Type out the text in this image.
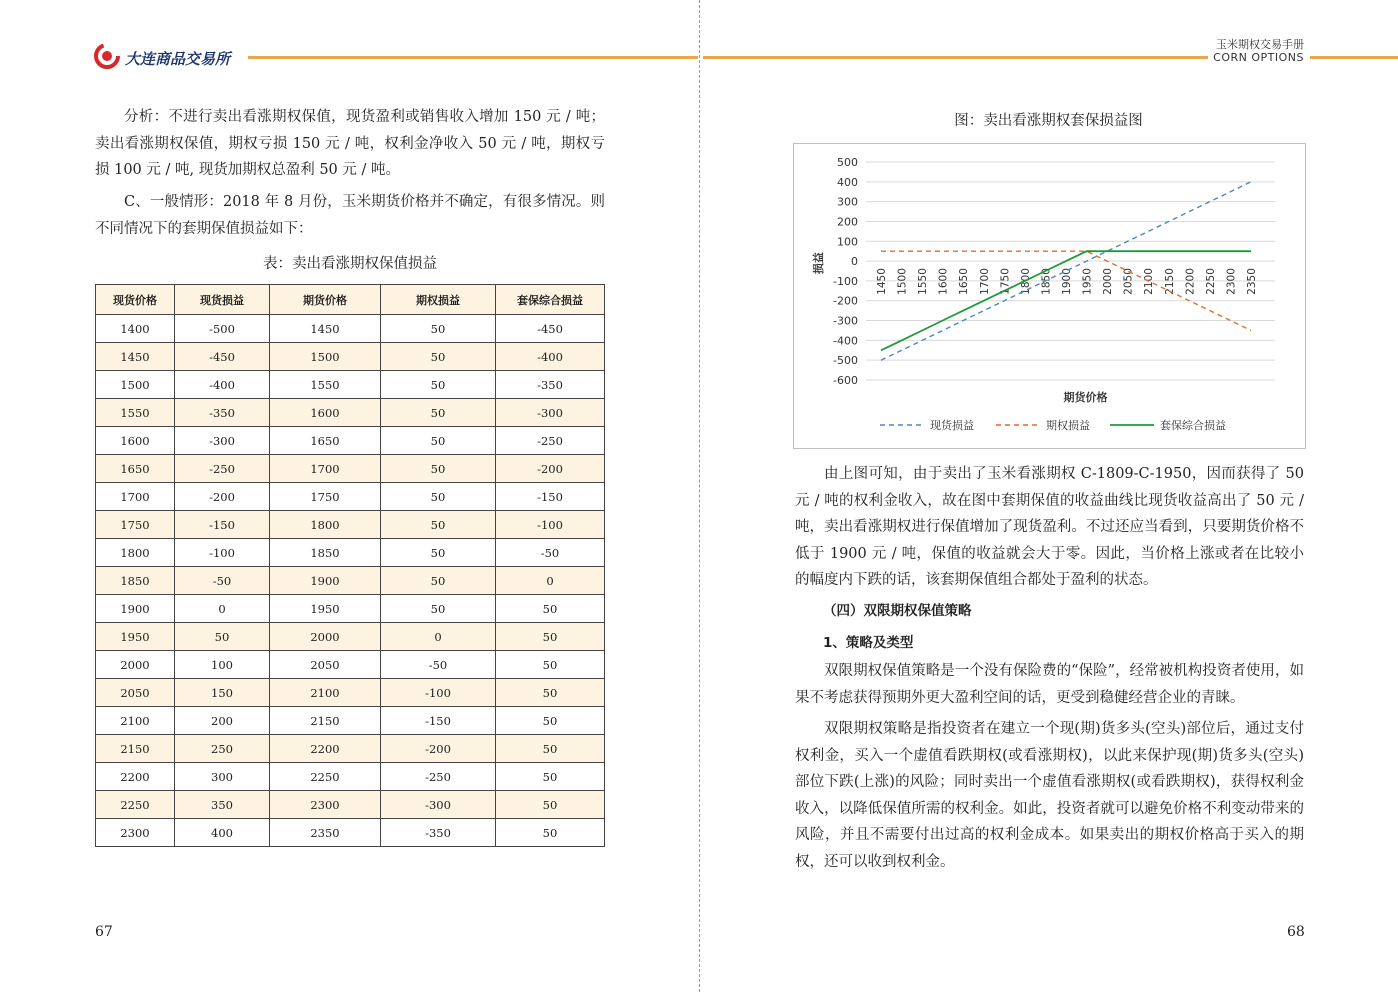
大连商品交易所
玉米期权交易手册
CORN OPTIONS

分析：不进行卖出看涨期权保值，现货盈利或销售收入增加 150 元 / 吨；卖出看涨期权保值，期权亏损 150 元 / 吨，权利金净收入 50 元 / 吨，期权亏损 100 元 / 吨, 现货加期权总盈利 50 元 / 吨。

C、一般情形：2018 年 8 月份，玉米期货价格并不确定，有很多情况。则不同情况下的套期保值损益如下：

表：卖出看涨期权保值损益
现货价格	现货损益	期货价格	期权损益	套保综合损益
1400	-500	1450	50	-450
1450	-450	1500	50	-400
1500	-400	1550	50	-350
1550	-350	1600	50	-300
1600	-300	1650	50	-250
1650	-250	1700	50	-200
1700	-200	1750	50	-150
1750	-150	1800	50	-100
1800	-100	1850	50	-50
1850	-50	1900	50	0
1900	0	1950	50	50
1950	50	2000	0	50
2000	100	2050	-50	50
2050	150	2100	-100	50
2100	200	2150	-150	50
2150	250	2200	-200	50
2200	300	2250	-250	50
2250	350	2300	-300	50
2300	400	2350	-350	50
67
图：卖出看涨期权套保损益图
500
400
300
200
100
0
-100
-200
-300
-400
-500
-600
1450 1500 1550 1600 1650 1700 1750 1800 1850 1900 1950 2000 2050 2100 2150 2200 2250 2300 2350
损益
期货价格
现货损益	期权损益	套保综合损益

由上图可知，由于卖出了玉米看涨期权 C-1809-C-1950，因而获得了 50 元 / 吨的权利金收入，故在图中套期保值的收益曲线比现货收益高出了 50 元 / 吨，卖出看涨期权进行保值增加了现货盈利。不过还应当看到，只要期货价格不低于 1900 元 / 吨，保值的收益就会大于零。因此，当价格上涨或者在比较小的幅度内下跌的话，该套期保值组合都处于盈利的状态。

（四）双限期权保值策略
1、策略及类型

双限期权保值策略是一个没有保险费的“保险”，经常被机构投资者使用，如果不考虑获得预期外更大盈利空间的话，更受到稳健经营企业的青睐。

双限期权策略是指投资者在建立一个现(期)货多头(空头)部位后，通过支付权利金，买入一个虚值看跌期权(或看涨期权)，以此来保护现(期)货多头(空头)部位下跌(上涨)的风险；同时卖出一个虚值看涨期权(或看跌期权)，获得权利金收入，以降低保值所需的权利金。如此，投资者就可以避免价格不利变动带来的风险，并且不需要付出过高的权利金成本。如果卖出的期权价格高于买入的期权，还可以收到权利金。

68
